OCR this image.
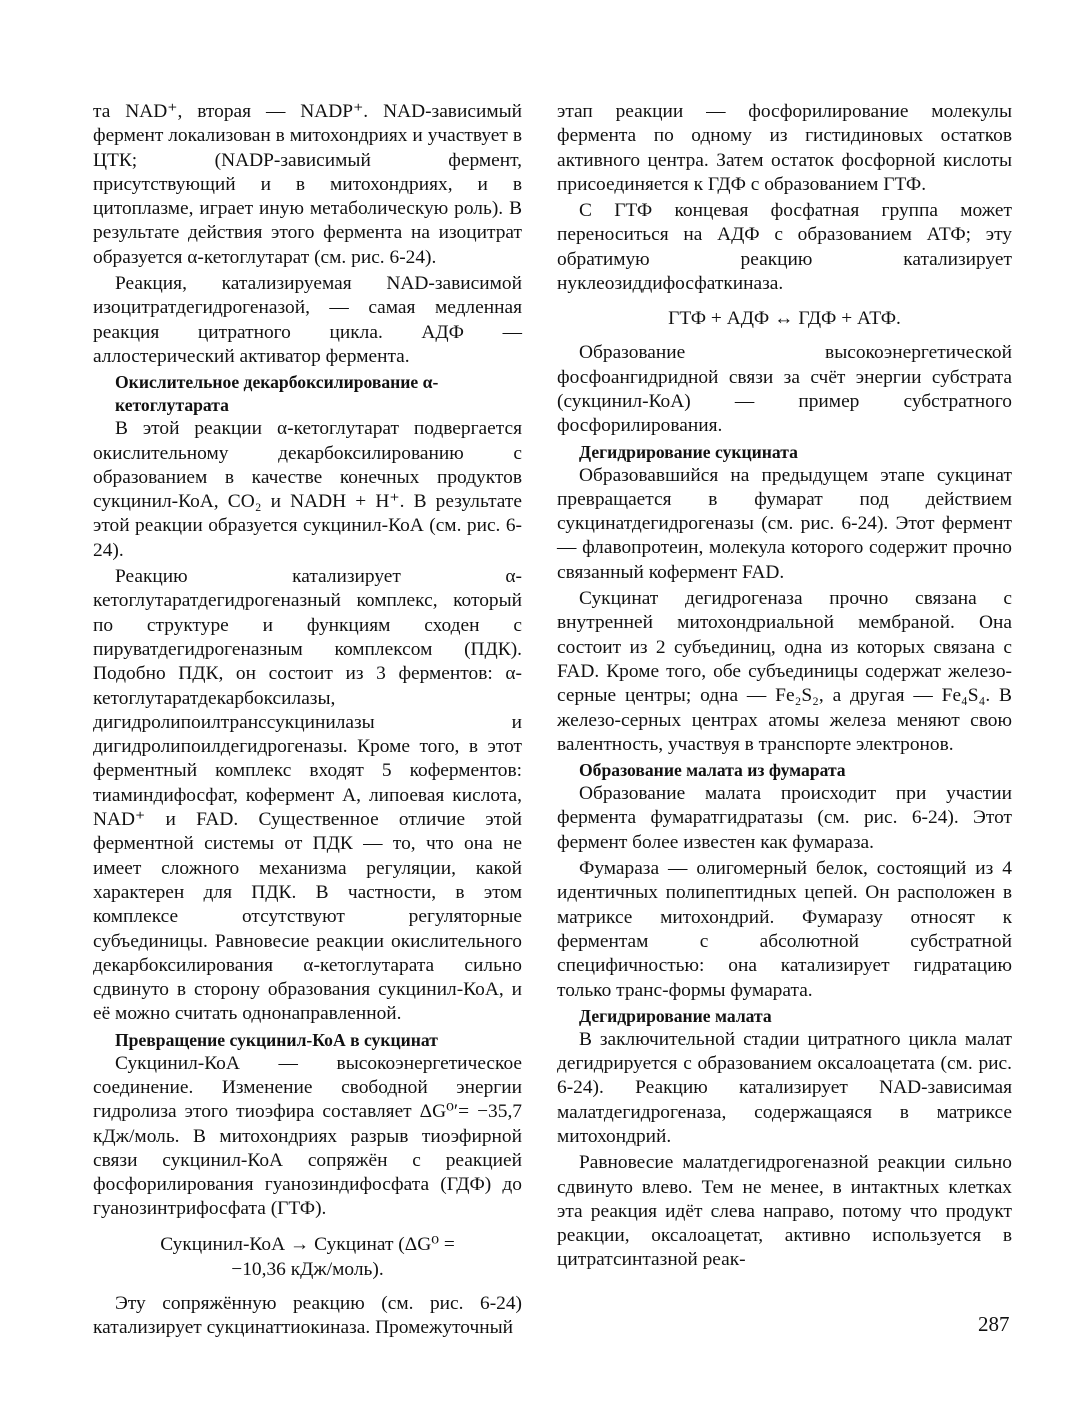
та NAD⁺, вторая — NADP⁺. NAD-зависимый фермент локализован в митохондриях и участвует в ЦТК; (NADP-зависимый фермент, присутствующий и в митохондриях, и в цитоплазме, играет иную метаболическую роль). В результате действия этого фермента на изоцитрат образуется α-кетоглутарат (см. рис. 6-24).

Реакция, катализируемая NAD-зависимой изоцитратдегидрогеназой, — самая медленная реакция цитратного цикла. АДФ — аллостерический активатор фермента.

Окислительное декарбоксилирование α-кетоглутарата

В этой реакции α-кетоглутарат подвергается окислительному декарбоксилированию с образованием в качестве конечных продуктов сукцинил-КоА, CO₂ и NADH + H⁺. В результате этой реакции образуется сукцинил-КоА (см. рис. 6-24).

Реакцию катализирует α-кетоглутаратдегидрогеназный комплекс, который по структуре и функциям сходен с пируватдегидрогеназным комплексом (ПДК). Подобно ПДК, он состоит из 3 ферментов: α-кетоглутаратдекарбоксилазы, дигидролипоилтранссукцинилазы и дигидролипоилдегидрогеназы. Кроме того, в этот ферментный комплекс входят 5 коферментов: тиаминдифосфат, кофермент А, липоевая кислота, NAD⁺ и FAD. Существенное отличие этой ферментной системы от ПДК — то, что она не имеет сложного механизма регуляции, какой характерен для ПДК. В частности, в этом комплексе отсутствуют регуляторные субъединицы. Равновесие реакции окислительного декарбоксилирования α-кетоглутарата сильно сдвинуто в сторону образования сукцинил-КоА, и её можно считать однонаправленной.

Превращение сукцинил-КоА в сукцинат

Сукцинил-КоА — высокоэнергетическое соединение. Изменение свободной энергии гидролиза этого тиоэфира составляет ΔG⁰′= −35,7 кДж/моль. В митохондриях разрыв тиоэфирной связи сукцинил-КоА сопряжён с реакцией фосфорилирования гуанозиндифосфата (ГДФ) до гуанозинтрифосфата (ГТФ).

Сукцинил-КоА → Сукцинат (ΔG⁰ =
−10,36 кДж/моль).

Эту сопряжённую реакцию (см. рис. 6-24) катализирует сукцинаттиокиназа. Промежуточный

этап реакции — фосфорилирование молекулы фермента по одному из гистидиновых остатков активного центра. Затем остаток фосфорной кислоты присоединяется к ГДФ с образованием ГТФ.

С ГТФ концевая фосфатная группа может переноситься на АДФ с образованием АТФ; эту обратимую реакцию катализирует нуклеозиддифосфаткиназа.

ГТФ + АДФ ↔ ГДФ + АТФ.

Образование высокоэнергетической фосфоангидридной связи за счёт энергии субстрата (сукцинил-КоА) — пример субстратного фосфорилирования.

Дегидрирование сукцината

Образовавшийся на предыдущем этапе сукцинат превращается в фумарат под действием сукцинатдегидрогеназы (см. рис. 6-24). Этот фермент — флавопротеин, молекула которого содержит прочно связанный кофермент FAD.

Сукцинат дегидрогеназа прочно связана с внутренней митохондриальной мембраной. Она состоит из 2 субъединиц, одна из которых связана с FAD. Кроме того, обе субъединицы содержат железо-серные центры; одна — Fe₂S₂, а другая — Fe₄S₄. В железо-серных центрах атомы железа меняют свою валентность, участвуя в транспорте электронов.

Образование малата из фумарата

Образование малата происходит при участии фермента фумаратгидратазы (см. рис. 6-24). Этот фермент более известен как фумараза.

Фумараза — олигомерный белок, состоящий из 4 идентичных полипептидных цепей. Он расположен в матриксе митохондрий. Фумаразу относят к ферментам с абсолютной субстратной специфичностью: она катализирует гидратацию только транс-формы фумарата.

Дегидрирование малата

В заключительной стадии цитратного цикла малат дегидрируется с образованием оксалоацетата (см. рис. 6-24). Реакцию катализирует NAD-зависимая малатдегидрогеназа, содержащаяся в матриксе митохондрий.

Равновесие малатдегидрогеназной реакции сильно сдвинуто влево. Тем не менее, в интактных клетках эта реакция идёт слева направо, потому что продукт реакции, оксалоацетат, активно используется в цитратсинтазной реак-

287
